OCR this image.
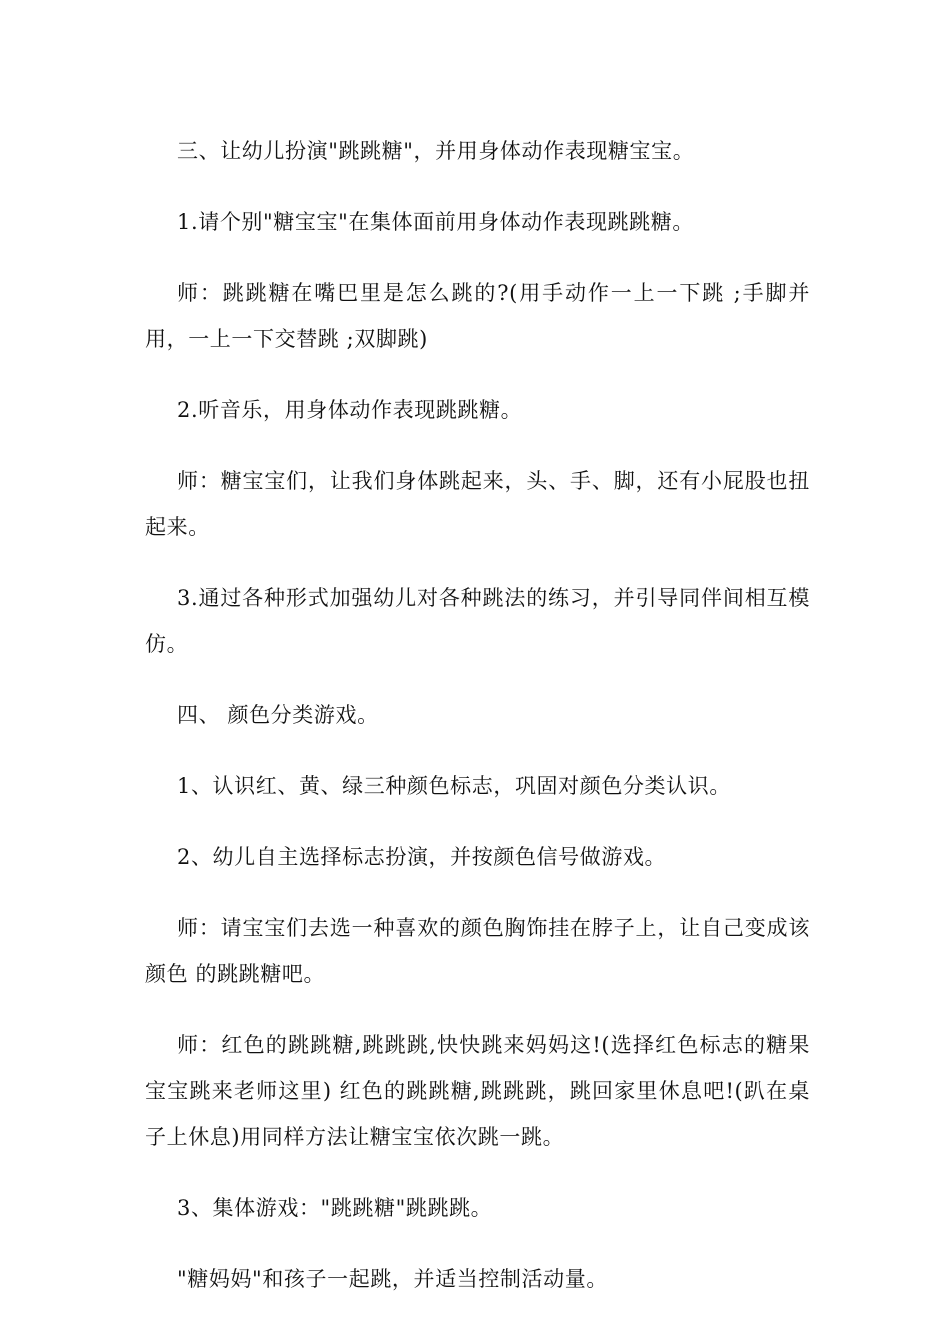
三、让幼儿扮演"跳跳糖"，并用身体动作表现糖宝宝。

1.请个别"糖宝宝"在集体面前用身体动作表现跳跳糖。

师：跳跳糖在嘴巴里是怎么跳的?(用手动作一上一下跳 ;手脚并用，一上一下交替跳 ;双脚跳)

2.听音乐，用身体动作表现跳跳糖。

师：糖宝宝们，让我们身体跳起来，头、手、脚，还有小屁股也扭起来。

3.通过各种形式加强幼儿对各种跳法的练习，并引导同伴间相互模仿。

四、 颜色分类游戏。

1、认识红、黄、绿三种颜色标志，巩固对颜色分类认识。

2、幼儿自主选择标志扮演，并按颜色信号做游戏。

师：请宝宝们去选一种喜欢的颜色胸饰挂在脖子上，让自己变成该颜色 的跳跳糖吧。

师：红色的跳跳糖,跳跳跳,快快跳来妈妈这!(选择红色标志的糖果宝宝跳来老师这里) 红色的跳跳糖,跳跳跳，跳回家里休息吧!(趴在桌子上休息)用同样方法让糖宝宝依次跳一跳。

3、集体游戏："跳跳糖"跳跳跳。

"糖妈妈"和孩子一起跳，并适当控制活动量。
